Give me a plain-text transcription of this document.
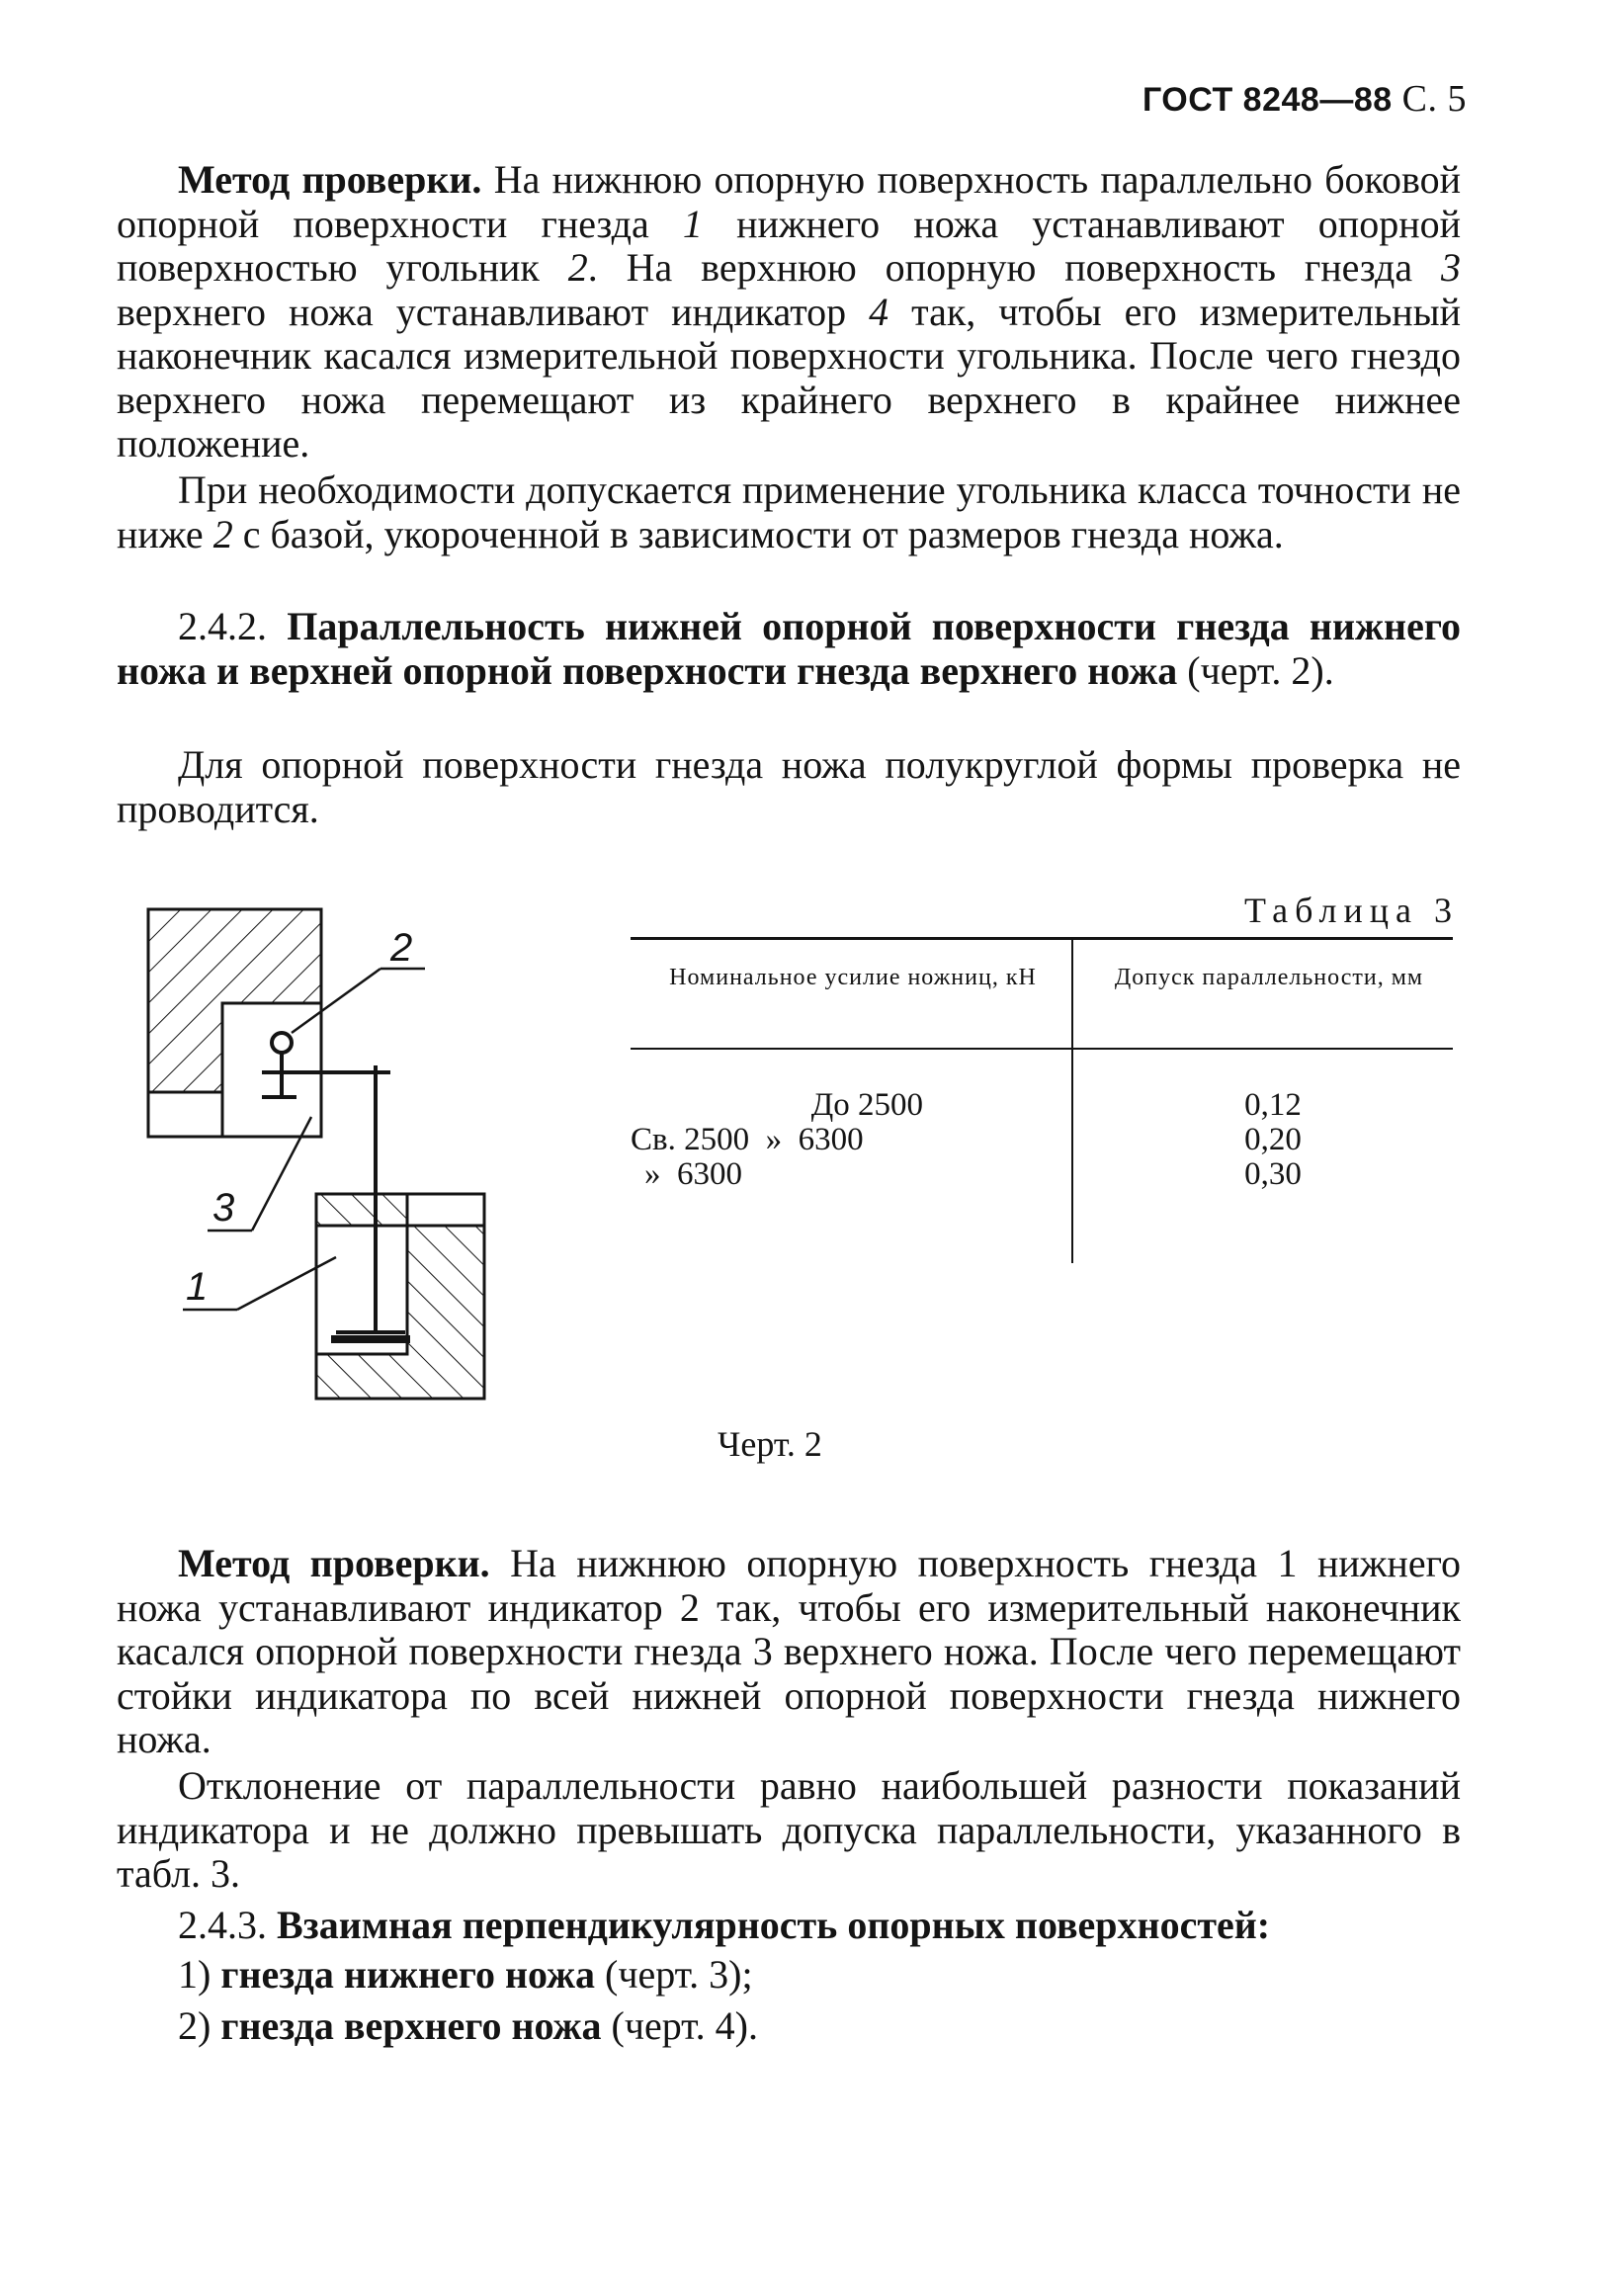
ГОСТ 8248—88 С. 5

Метод проверки. На нижнюю опорную поверхность параллельно боковой опорной поверхности гнезда 1 нижнего ножа устанавливают опорной поверхностью угольник 2. На верхнюю опорную поверхность гнезда 3 верхнего ножа устанавливают индикатор 4 так, чтобы его измерительный наконечник касался измерительной поверхности угольника. После чего гнездо верхнего ножа перемещают из крайнего верхнего в крайнее нижнее положение.

При необходимости допускается применение угольника класса точности не ниже 2 с базой, укороченной в зависимости от размеров гнезда ножа.

2.4.2. Параллельность нижней опорной поверхности гнезда нижнего ножа и верхней опорной поверхности гнезда верхнего ножа (черт. 2).

Для опорной поверхности гнезда ножа полукруглой формы проверка не проводится.

2
3
1
Черт. 2
Таблица 3
Номинальное усилие ножниц, кН	Допуск параллельности, мм
До 2500	0,12
Св. 2500  »  6300	0,20
»  6300	0,30

Метод проверки. На нижнюю опорную поверхность гнезда 1 нижнего ножа устанавливают индикатор 2 так, чтобы его измерительный наконечник касался опорной поверхности гнезда 3 верхнего ножа. После чего перемещают стойки индикатора по всей нижней опорной поверхности гнезда нижнего ножа.

Отклонение от параллельности равно наибольшей разности показаний индикатора и не должно превышать допуска параллельности, указанного в табл. 3.

2.4.3. Взаимная перпендикулярность опорных поверхностей:

1) гнезда нижнего ножа (черт. 3);

2) гнезда верхнего ножа (черт. 4).
